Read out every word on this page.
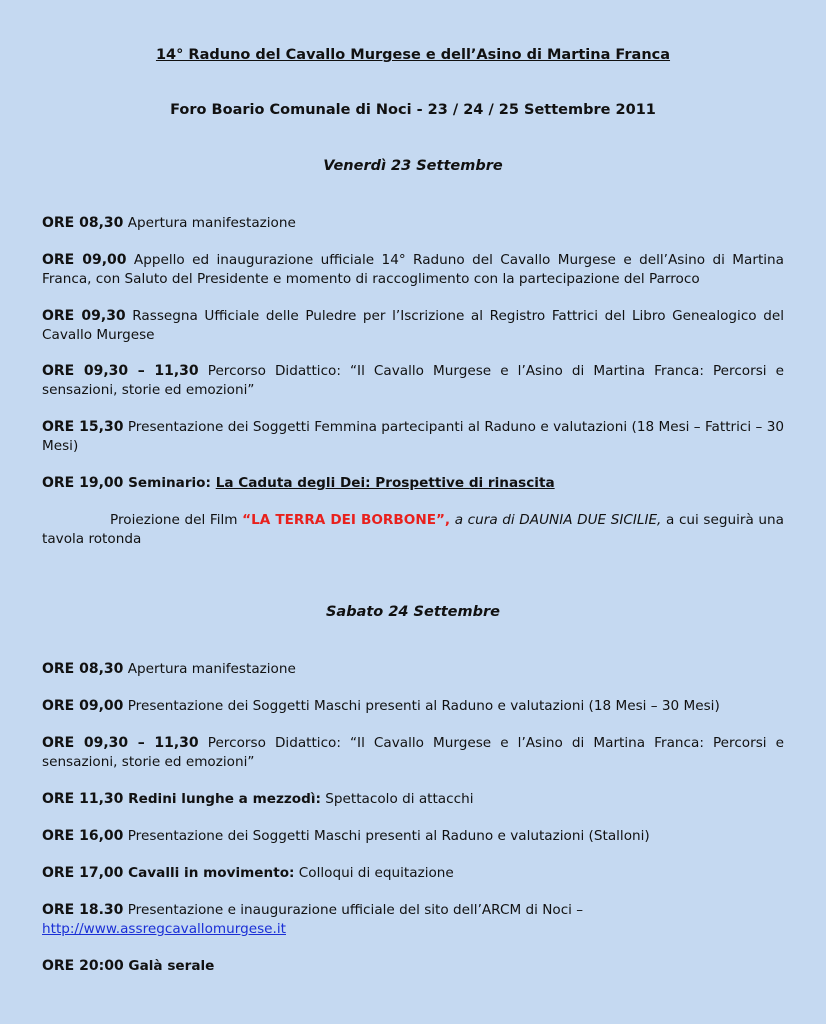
14° Raduno del Cavallo Murgese e dell’Asino di Martina Franca
Foro Boario Comunale di Noci - 23 / 24 / 25 Settembre 2011
Venerdì 23 Settembre
ORE 08,30 Apertura manifestazione
ORE 09,00 Appello ed inaugurazione ufficiale 14° Raduno del Cavallo Murgese e dell’Asino di Martina Franca, con Saluto del Presidente e momento di raccoglimento con la partecipazione del Parroco
ORE 09,30 Rassegna Ufficiale delle Puledre per l’Iscrizione al Registro Fattrici del Libro Genealogico del Cavallo Murgese
ORE 09,30 – 11,30 Percorso Didattico: “Il Cavallo Murgese e l’Asino di Martina Franca: Percorsi e sensazioni, storie ed emozioni”
ORE 15,30 Presentazione dei Soggetti Femmina partecipanti al Raduno e valutazioni (18 Mesi – Fattrici – 30 Mesi)
ORE 19,00 Seminario: La Caduta degli Dei: Prospettive di rinascita
Proiezione del Film “LA TERRA DEI BORBONE”, a cura di DAUNIA DUE SICILIE, a cui seguirà una tavola rotonda
Sabato 24 Settembre
ORE 08,30 Apertura manifestazione
ORE 09,00 Presentazione dei Soggetti Maschi presenti al Raduno e valutazioni (18 Mesi – 30 Mesi)
ORE 09,30 – 11,30 Percorso Didattico: “Il Cavallo Murgese e l’Asino di Martina Franca: Percorsi e sensazioni, storie ed emozioni”
ORE 11,30 Redini lunghe a mezzodì: Spettacolo di attacchi
ORE 16,00 Presentazione dei Soggetti Maschi presenti al Raduno e valutazioni (Stalloni)
ORE 17,00 Cavalli in movimento: Colloqui di equitazione
ORE 18.30 Presentazione e inaugurazione ufficiale del sito dell’ARCM di Noci –
http://www.assregcavallomurgese.it
ORE 20:00 Galà serale
